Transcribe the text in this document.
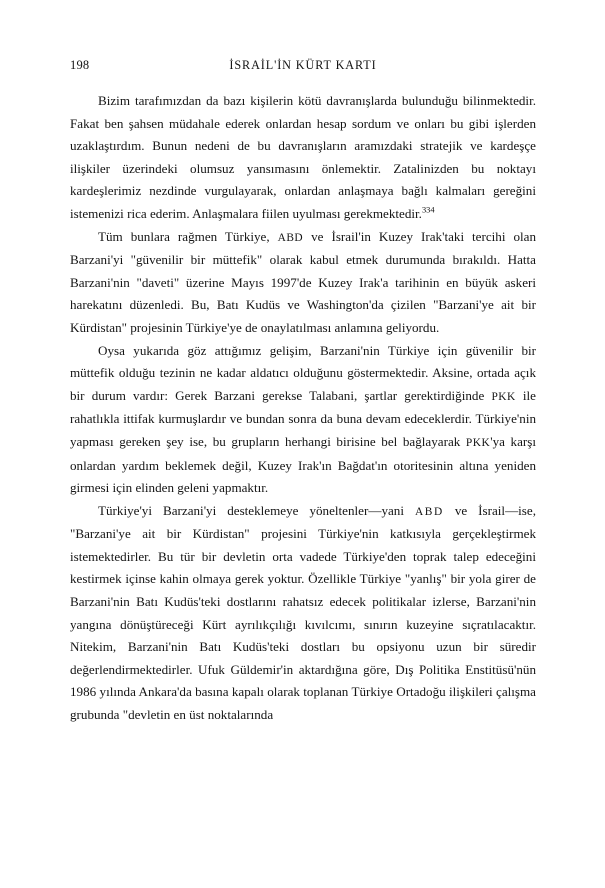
198	İSRAİL'İN KÜRT KARTI

Bizim tarafımızdan da bazı kişilerin kötü davranışlarda bulunduğu bilinmektedir. Fakat ben şahsen müdahale ederek onlardan hesap sordum ve onları bu gibi işlerden uzaklaştırdım. Bunun nedeni de bu davranışların aramızdaki stratejik ve kardeşçe ilişkiler üzerindeki olumsuz yansımasını önlemektir. Zatalinizden bu noktayı kardeşlerimiz nezdinde vurgulayarak, onlardan anlaşmaya bağlı kalmaları gereğini istemenizi rica ederim. Anlaşmalara fiilen uyulması gerekmektedir.$^{334}$

Tüm bunlara rağmen Türkiye, ABD ve İsrail'in Kuzey Irak'taki tercihi olan Barzani'yi "güvenilir bir müttefik" olarak kabul etmek durumunda bırakıldı. Hatta Barzani'nin "daveti" üzerine Mayıs 1997'de Kuzey Irak'a tarihinin en büyük askeri harekatını düzenledi. Bu, Batı Kudüs ve Washington'da çizilen "Barzani'ye ait bir Kürdistan" projesinin Türkiye'ye de onaylatılması anlamına geliyordu.

Oysa yukarıda göz attığımız gelişim, Barzani'nin Türkiye için güvenilir bir müttefik olduğu tezinin ne kadar aldatıcı olduğunu göstermektedir. Aksine, ortada açık bir durum vardır: Gerek Barzani gerekse Talabani, şartlar gerektirdiğinde PKK ile rahatlıkla ittifak kurmuşlardır ve bundan sonra da buna devam edeceklerdir. Türkiye'nin yapması gereken şey ise, bu grupların herhangi birisine bel bağlayarak PKK'ya karşı onlardan yardım beklemek değil, Kuzey Irak'ın Bağdat'ın otoritesinin altına yeniden girmesi için elinden geleni yapmaktır.

Türkiye'yi Barzani'yi desteklemeye yöneltenler—yani ABD ve İsrail—ise, "Barzani'ye ait bir Kürdistan" projesini Türkiye'nin katkısıyla gerçekleştirmek istemektedirler. Bu tür bir devletin orta vadede Türkiye'den toprak talep edeceğini kestirmek içinse kahin olmaya gerek yoktur. Özellikle Türkiye "yanlış" bir yola girer de Barzani'nin Batı Kudüs'teki dostlarını rahatsız edecek politikalar izlerse, Barzani'nin yangına dönüştüreceği Kürt ayrılıkçılığı kıvılcımı, sınırın kuzeyine sıçratılacaktır. Nitekim, Barzani'nin Batı Kudüs'teki dostları bu opsiyonu uzun bir süredir değerlendirmektedirler. Ufuk Güldemir'in aktardığına göre, Dış Politika Enstitüsü'nün 1986 yılında Ankara'da basına kapalı olarak toplanan Türkiye Ortadoğu ilişkileri çalışma grubunda "devletin en üst noktalarında
